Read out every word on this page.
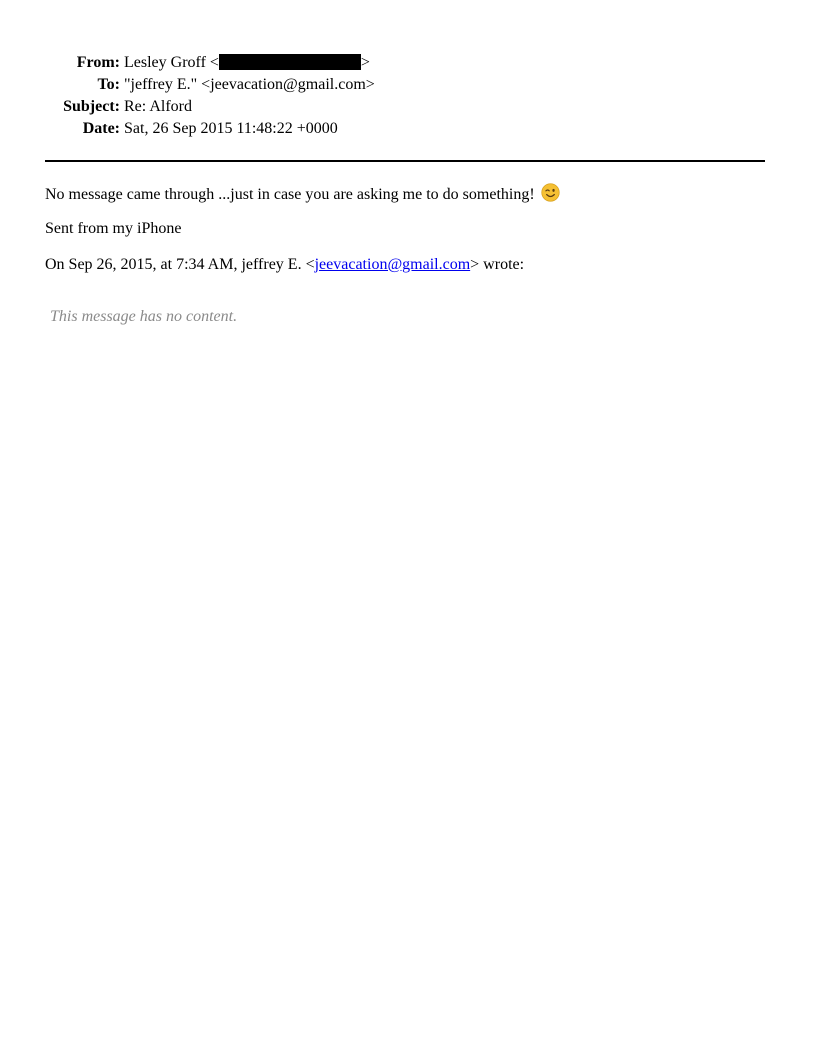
From: Lesley Groff <	>
To: "jeffrey E." <jeevacation@gmail.com>
Subject: Re: Alford
Date: Sat, 26 Sep 2015 11:48:22 +0000
No message came through ...just in case you are asking me to do something!
Sent from my iPhone
On Sep 26, 2015, at 7:34 AM, jeffrey E. <jeevacation@gmail.com> wrote:
This message has no content.
